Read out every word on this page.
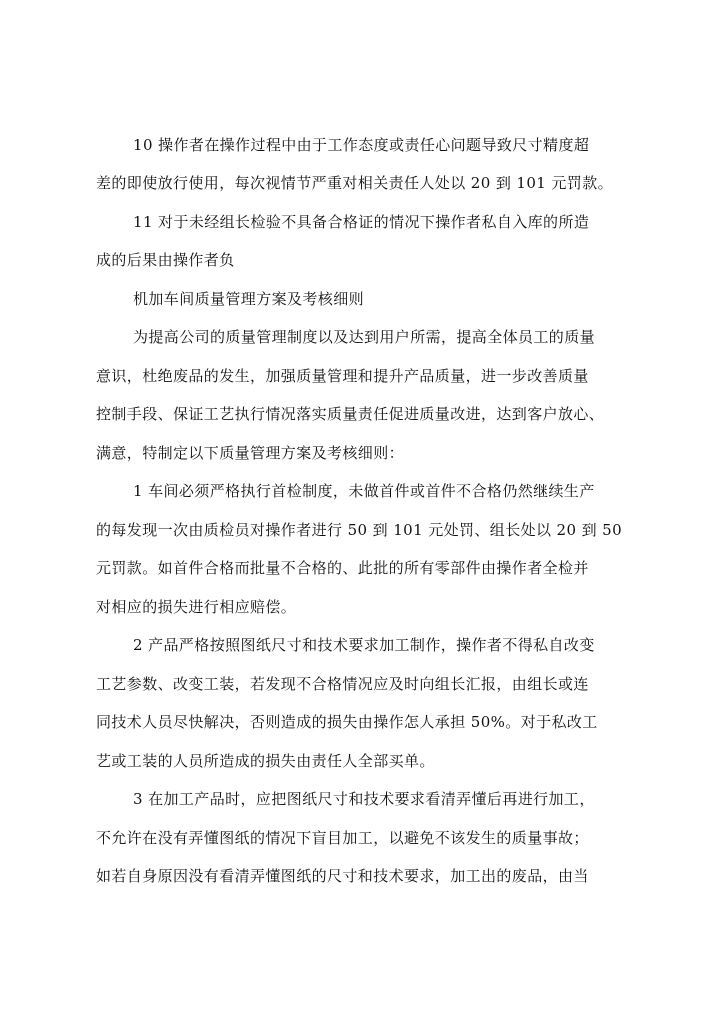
10 操作者在操作过程中由于工作态度或责任心问题导致尺寸精度超
差的即使放行使用，每次视情节严重对相关责任人处以 20 到 101 元罚款。
11 对于未经组长检验不具备合格证的情况下操作者私自入库的所造
成的后果由操作者负
机加车间质量管理方案及考核细则
为提高公司的质量管理制度以及达到用户所需，提高全体员工的质量
意识，杜绝废品的发生，加强质量管理和提升产品质量，进一步改善质量
控制手段、保证工艺执行情况落实质量责任促进质量改进，达到客户放心、
满意，特制定以下质量管理方案及考核细则：
1 车间必须严格执行首检制度，未做首件或首件不合格仍然继续生产
的每发现一次由质检员对操作者进行 50 到 101 元处罚、组长处以 20 到 50
元罚款。如首件合格而批量不合格的、此批的所有零部件由操作者全检并
对相应的损失进行相应赔偿。
2 产品严格按照图纸尺寸和技术要求加工制作，操作者不得私自改变
工艺参数、改变工装，若发现不合格情况应及时向组长汇报，由组长或连
同技术人员尽快解决，否则造成的损失由操作怎人承担 50%。对于私改工
艺或工装的人员所造成的损失由责任人全部买单。
3 在加工产品时，应把图纸尺寸和技术要求看清弄懂后再进行加工，
不允许在没有弄懂图纸的情况下盲目加工，以避免不该发生的质量事故；
如若自身原因没有看清弄懂图纸的尺寸和技术要求，加工出的废品，由当
